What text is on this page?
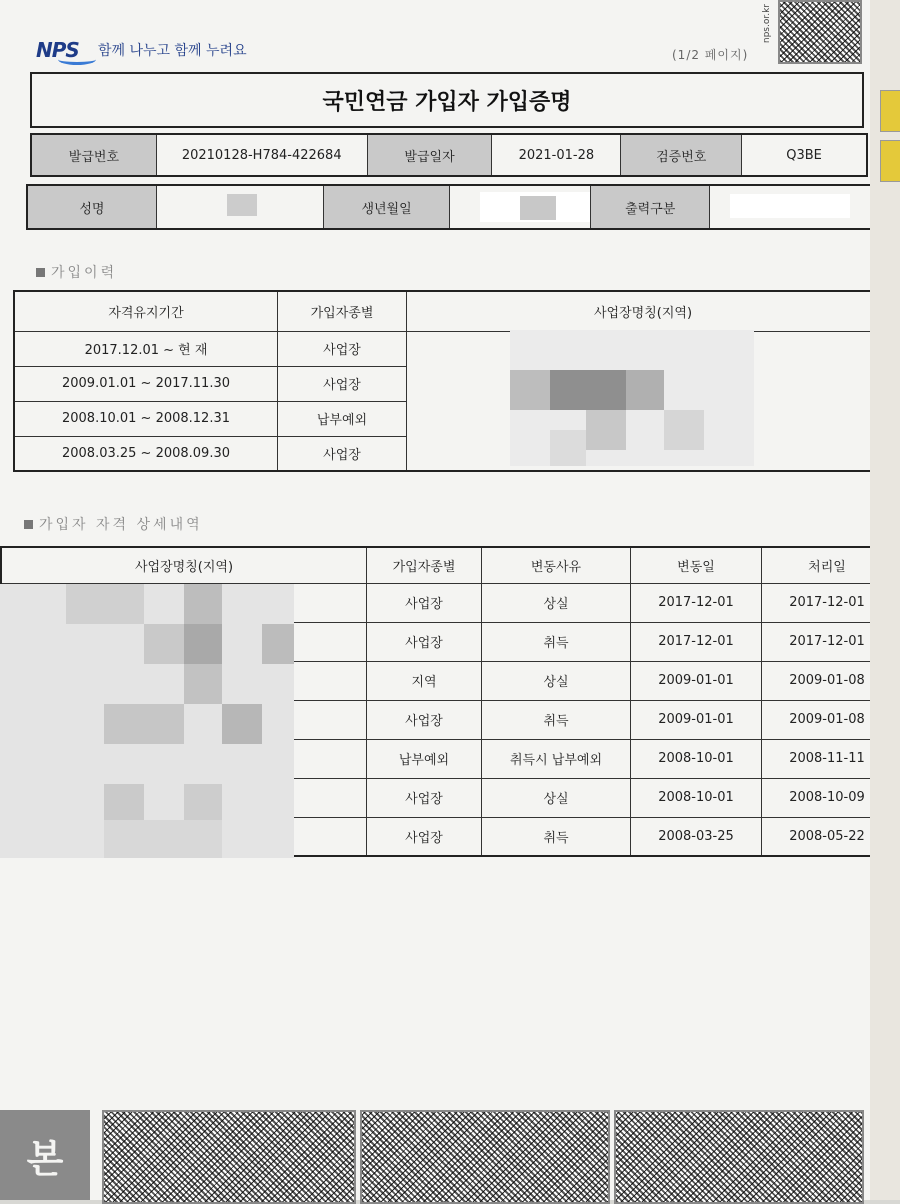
NPS 함께 나누고 함께 누려요	(1/2 페이지)
nps.or.kr
국민연금 가입자 가입증명
발급번호	20210128-H784-422684	발급일자	2021-01-28	검증번호	Q3BE
성명	생년월일	출력구분
가입이력
자격유지기간	가입자종별	사업장명칭(지역)
2017.12.01 ~ 현 재	사업장	
2009.01.01 ~ 2017.11.30	사업장	
2008.10.01 ~ 2008.12.31	납부예외	
2008.03.25 ~ 2008.09.30	사업장	
가입자 자격 상세내역
사업장명칭(지역)	가입자종별	변동사유	변동일	처리일
	사업장	상실	2017-12-01	2017-12-01
	사업장	취득	2017-12-01	2017-12-01
	지역	상실	2009-01-01	2009-01-08
	사업장	취득	2009-01-01	2009-01-08
	납부예외	취득시 납부예외	2008-10-01	2008-11-11
	사업장	상실	2008-10-01	2008-10-09
	사업장	취득	2008-03-25	2008-05-22
본
